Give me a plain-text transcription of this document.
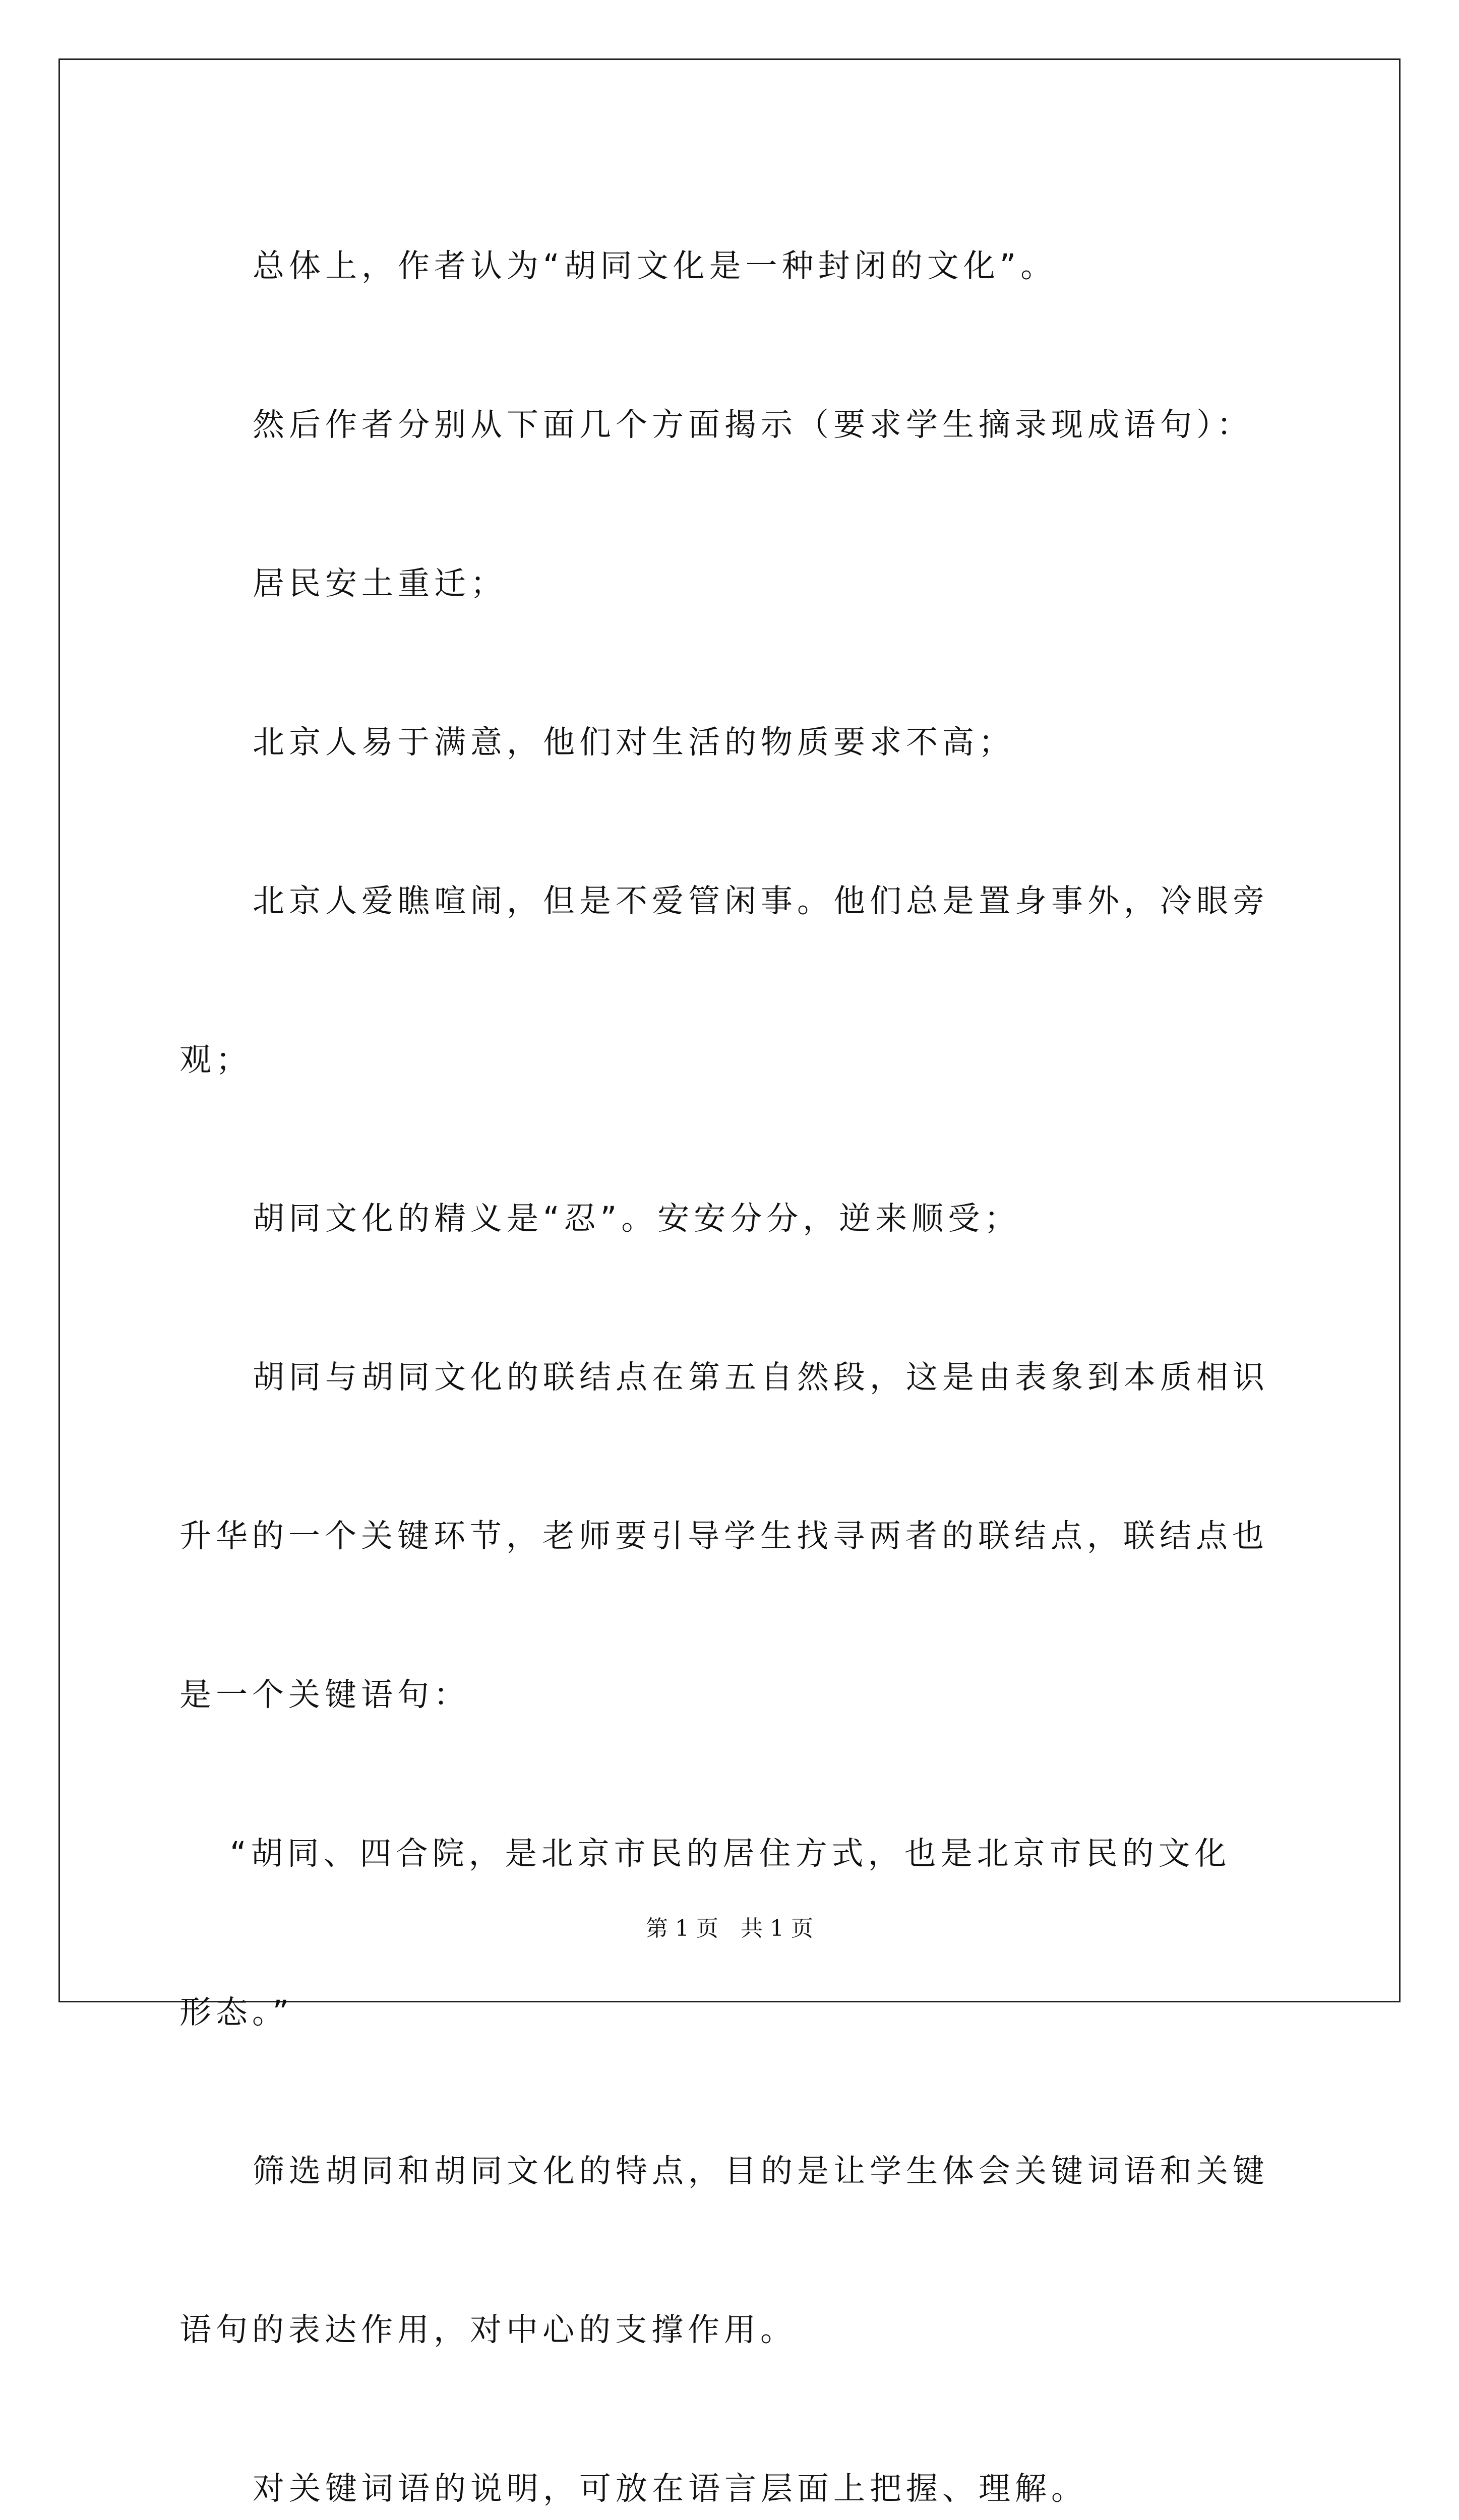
总体上，作者认为“胡同文化是一种封闭的文化”。

然后作者分别从下面几个方面揭示（要求学生摘录现成语句）：

居民安土重迁；

北京人易于满意，他们对生活的物质要求不高；

北京人爱瞧喧闹，但是不爱管闲事。他们总是置身事外，冷眼旁

观；

胡同文化的精义是“忍”。安安分分，逆来顺受；

胡同与胡同文化的联结点在第五自然段，这是由表象到本质相识

升华的一个关键环节，老师要引导学生找寻两者的联结点，联结点也

是一个关键语句：

“胡同、四合院，是北京市民的居住方式，也是北京市民的文化

形态。”

筛选胡同和胡同文化的特点，目的是让学生体会关键词语和关键

语句的表达作用，对中心的支撑作用。

对关键词语的说明，可放在语言层面上把握、理解。

第 1 页　共 1 页
